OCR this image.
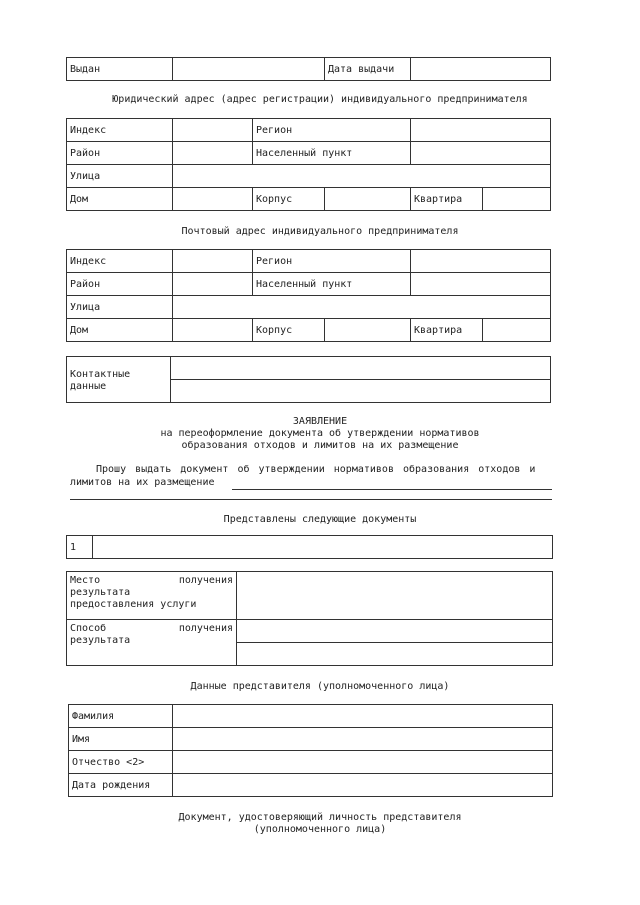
Выдан		Дата выдачи	
Юридический адрес (адрес регистрации) индивидуального предпринимателя
Индекс		Регион			
Район		Населенный пункт			
Улица					
Дом		Корпус		Квартира	
Почтовый адрес индивидуального предпринимателя
Индекс		Регион			
Район		Населенный пункт			
Улица					
Дом		Корпус		Квартира	
Контактные
данные

ЗАЯВЛЕНИЕ
на переоформление документа об утверждении нормативов
образования отходов и лимитов на их размещение
Прошу выдать документ об утверждении нормативов образования отходов и
лимитов на их размещение
Представлены следующие документы
1	
Место получения
результата
предоставления услуги	

Способ получения
результата	

Данные представителя (уполномоченного лица)
Фамилия	
Имя	
Отчество <2>	
Дата рождения	
Документ, удостоверяющий личность представителя
(уполномоченного лица)
